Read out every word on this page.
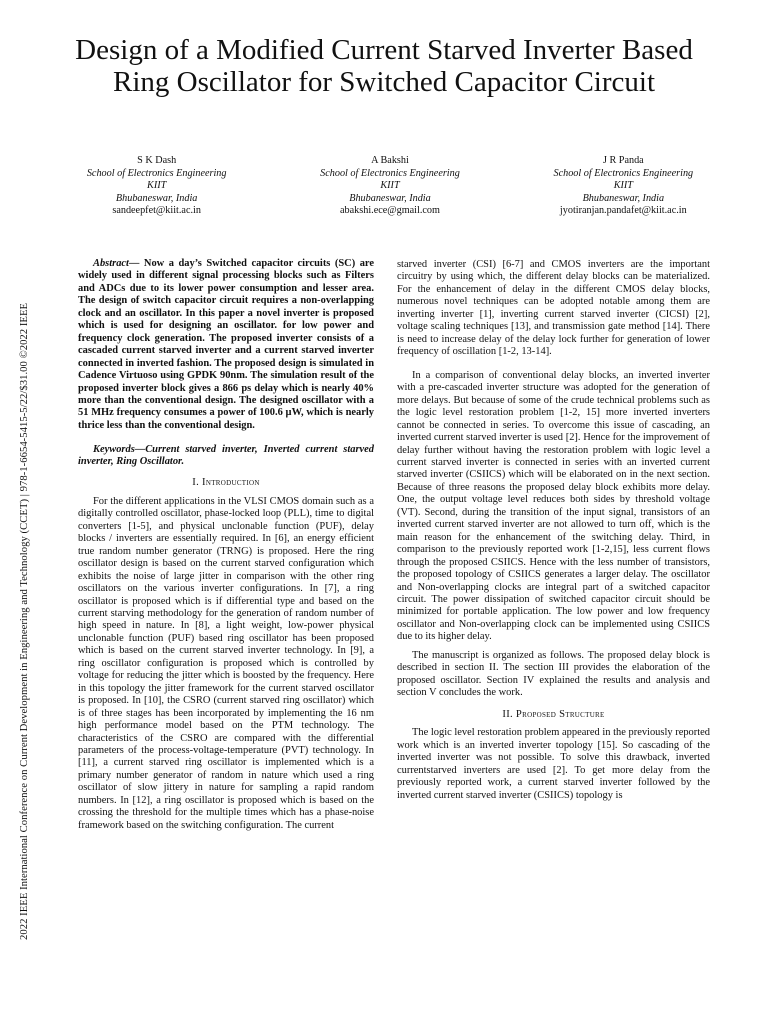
Design of a Modified Current Starved Inverter Based Ring Oscillator for Switched Capacitor Circuit
S K Dash
School of Electronics Engineering
KIIT
Bhubaneswar, India
sandeepfet@kiit.ac.in
A Bakshi
School of Electronics Engineering
KIIT
Bhubaneswar, India
abakshi.ece@gmail.com
J R Panda
School of Electronics Engineering
KIIT
Bhubaneswar, India
jyotiranjan.pandafet@kiit.ac.in
2022 IEEE International Conference on Current Development in Engineering and Technology (CCET) | 978-1-6654-5415-5/22/$31.00 ©2022 IEEE

Abstract— Now a day’s Switched capacitor circuits (SC) are widely used in different signal processing blocks such as Filters and ADCs due to its lower power consumption and lesser area. The design of switch capacitor circuit requires a non-overlapping clock and an oscillator. In this paper a novel inverter is proposed which is used for designing an oscillator. for low power and frequency clock generation. The proposed inverter consists of a cascaded current starved inverter and a current starved inverter connected in inverted fashion. The proposed design is simulated in Cadence Virtuoso using GPDK 90nm. The simulation result of the proposed inverter block gives a 866 ps delay which is nearly 40% more than the conventional design. The designed oscillator with a 51 MHz frequency consumes a power of 100.6 µW, which is nearly thrice less than the conventional design.

Keywords—Current starved inverter, Inverted current starved inverter, Ring Oscillator.

I. Introduction

For the different applications in the VLSI CMOS domain such as a digitally controlled oscillator, phase-locked loop (PLL), time to digital converters [1-5], and physical unclonable function (PUF), delay blocks / inverters are essentially required. In [6], an energy efficient true random number generator (TRNG) is proposed. Here the ring oscillator design is based on the current starved configuration which exhibits the noise of large jitter in comparison with the other ring oscillators on the various inverter configurations. In [7], a ring oscillator is proposed which is if differential type and based on the current starving methodology for the generation of random number of high speed in nature. In [8], a light weight, low-power physical unclonable function (PUF) based ring oscillator has been proposed which is based on the current starved inverter technology. In [9], a ring oscillator configuration is proposed which is controlled by voltage for reducing the jitter which is boosted by the frequency. Here in this topology the jitter framework for the current starved oscillator is proposed. In [10], the CSRO (current starved ring oscillator) which is of three stages has been incorporated by implementing the 16 nm high performance model based on the PTM technology. The characteristics of the CSRO are compared with the differential parameters of the process-voltage-temperature (PVT) technology. In [11], a current starved ring oscillator is implemented which is a primary number generator of random in nature which used a ring oscillator of slow jittery in nature for sampling a rapid random numbers. In [12], a ring oscillator is proposed which is based on the crossing the threshold for the multiple times which has a phase-noise framework based on the switching configuration. The current

starved inverter (CSI) [6-7] and CMOS inverters are the important circuitry by using which, the different delay blocks can be materialized. For the enhancement of delay in the different CMOS delay blocks, numerous novel techniques can be adopted notable among them are inverting inverter [1], inverting current starved inverter (CICSI) [2], voltage scaling techniques [13], and transmission gate method [14]. There is need to increase delay of the delay lock further for generation of lower frequency of oscillation [1-2, 13-14].

In a comparison of conventional delay blocks, an inverted inverter with a pre-cascaded inverter structure was adopted for the generation of more delays. But because of some of the crude technical problems such as the logic level restoration problem [1-2, 15] more inverted inverters cannot be connected in series. To overcome this issue of cascading, an inverted current starved inverter is used [2]. Hence for the improvement of delay further without having the restoration problem with logic level a current starved inverter is connected in series with an inverted current starved inverter (CSIICS) which will be elaborated on in the next section. Because of three reasons the proposed delay block exhibits more delay. One, the output voltage level reduces both sides by threshold voltage (VT). Second, during the transition of the input signal, transistors of an inverted current starved inverter are not allowed to turn off, which is the main reason for the enhancement of the switching delay. Third, in comparison to the previously reported work [1-2,15], less current flows through the proposed CSIICS. Hence with the less number of transistors, the proposed topology of CSIICS generates a larger delay. The oscillator and Non-overlapping clocks are integral part of a switched capacitor circuit. The power dissipation of switched capacitor circuit should be minimized for portable application. The low power and low frequency oscillator and Non-overlapping clock can be implemented using CSIICS due to its higher delay.

The manuscript is organized as follows. The proposed delay block is described in section II. The section III provides the elaboration of the proposed oscillator. Section IV explained the results and analysis and section V concludes the work.

II. Proposed Structure

The logic level restoration problem appeared in the previously reported work which is an inverted inverter topology [15]. So cascading of the inverted inverter was not possible. To solve this drawback, inverted currentstarved inverters are used [2]. To get more delay from the previously reported work, a current starved inverter followed by the inverted current starved inverter (CSIICS) topology is
